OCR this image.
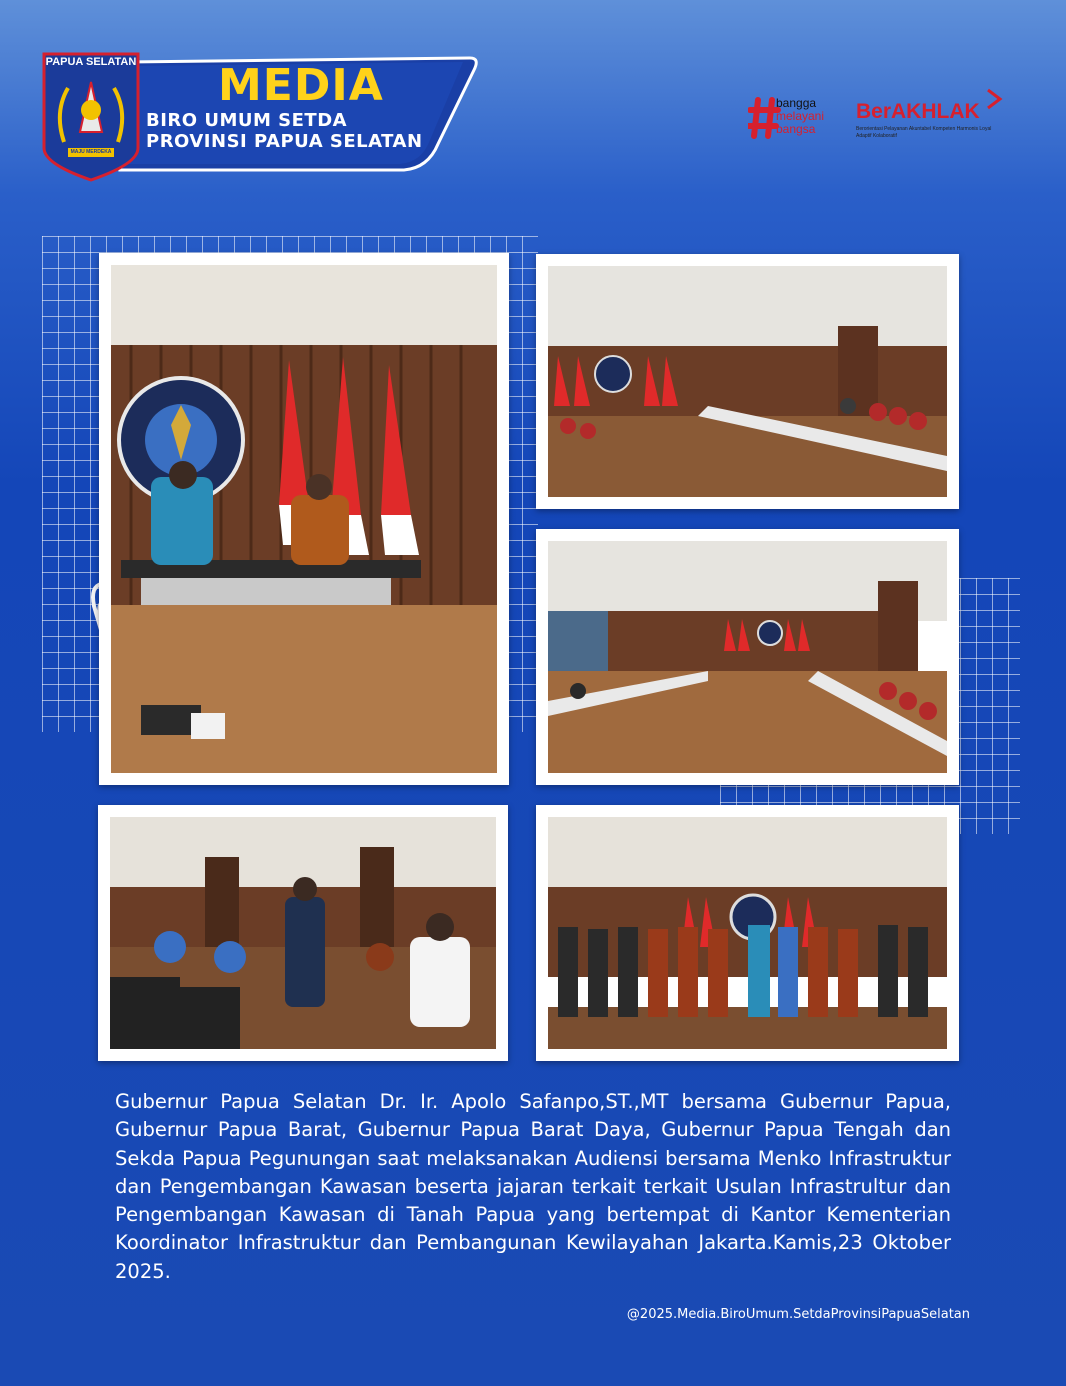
PAPUA SELATAN
MAJU MERDEKA
MEDIA
BIRO UMUM SETDA
PROVINSI PAPUA SELATAN
bangga
melayani
bangsa
BerAKHLAK
Berorientasi Pelayanan Akuntabel Kompeten Harmonis Loyal Adaptif Kolaboratif
Gubernur Papua Selatan Dr. Ir. Apolo Safanpo,ST.,MT bersama Gubernur Papua, Gubernur Papua Barat, Gubernur Papua Barat Daya, Gubernur Papua Tengah dan Sekda Papua Pegunungan saat melaksanakan Audiensi bersama Menko Infrastruktur dan Pengembangan Kawasan beserta jajaran terkait terkait Usulan Infrastrultur dan Pengembangan Kawasan di Tanah Papua yang bertempat di Kantor Kementerian Koordinator Infrastruktur dan Pembangunan Kewilayahan Jakarta.Kamis,23 Oktober 2025.
@2025.Media.BiroUmum.SetdaProvinsiPapuaSelatan
